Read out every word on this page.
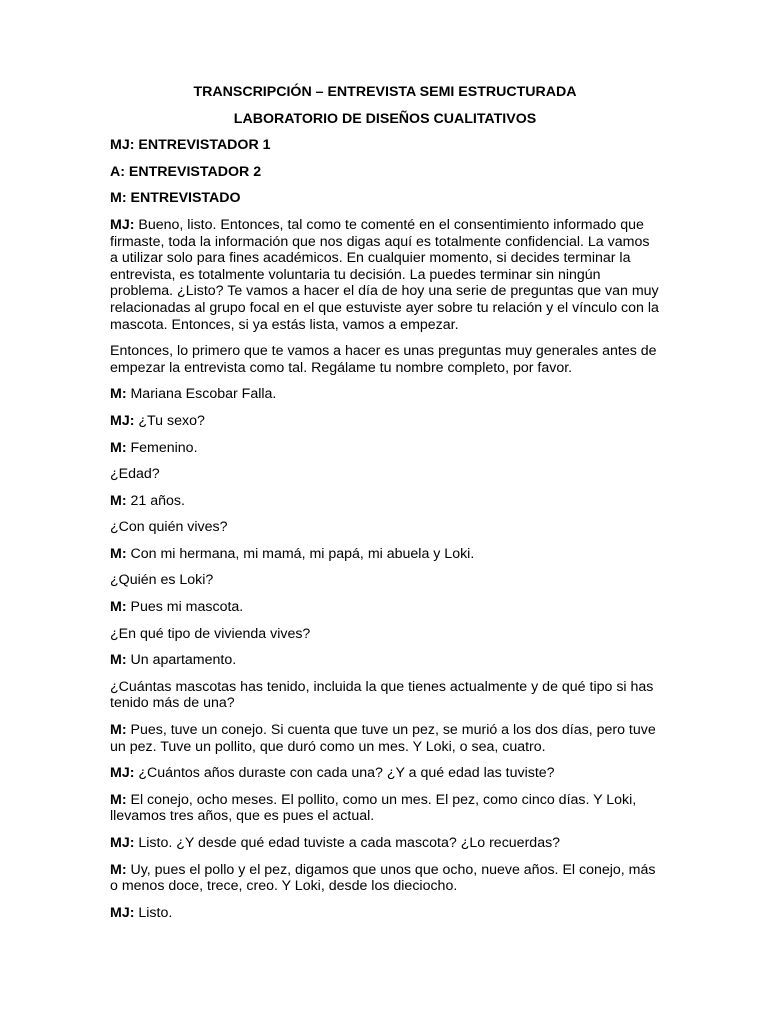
TRANSCRIPCIÓN – ENTREVISTA SEMI ESTRUCTURADA
LABORATORIO DE DISEÑOS CUALITATIVOS
MJ: ENTREVISTADOR 1
A: ENTREVISTADOR 2
M: ENTREVISTADO

MJ: Bueno, listo. Entonces, tal como te comenté en el consentimiento informado que firmaste, toda la información que nos digas aquí es totalmente confidencial. La vamos a utilizar solo para fines académicos. En cualquier momento, si decides terminar la entrevista, es totalmente voluntaria tu decisión. La puedes terminar sin ningún problema. ¿Listo? Te vamos a hacer el día de hoy una serie de preguntas que van muy relacionadas al grupo focal en el que estuviste ayer sobre tu relación y el vínculo con la mascota. Entonces, si ya estás lista, vamos a empezar.

Entonces, lo primero que te vamos a hacer es unas preguntas muy generales antes de empezar la entrevista como tal. Regálame tu nombre completo, por favor.

M: Mariana Escobar Falla.

MJ: ¿Tu sexo?

M: Femenino.

¿Edad?

M: 21 años.

¿Con quién vives?

M: Con mi hermana, mi mamá, mi papá, mi abuela y Loki.

¿Quién es Loki?

M: Pues mi mascota.

¿En qué tipo de vivienda vives?

M: Un apartamento.

¿Cuántas mascotas has tenido, incluida la que tienes actualmente y de qué tipo si has tenido más de una?

M: Pues, tuve un conejo. Si cuenta que tuve un pez, se murió a los dos días, pero tuve un pez. Tuve un pollito, que duró como un mes. Y Loki, o sea, cuatro.

MJ: ¿Cuántos años duraste con cada una? ¿Y a qué edad las tuviste?

M: El conejo, ocho meses. El pollito, como un mes. El pez, como cinco días. Y Loki, llevamos tres años, que es pues el actual.

MJ: Listo. ¿Y desde qué edad tuviste a cada mascota? ¿Lo recuerdas?

M: Uy, pues el pollo y el pez, digamos que unos que ocho, nueve años. El conejo, más o menos doce, trece, creo. Y Loki, desde los dieciocho.

MJ: Listo.
